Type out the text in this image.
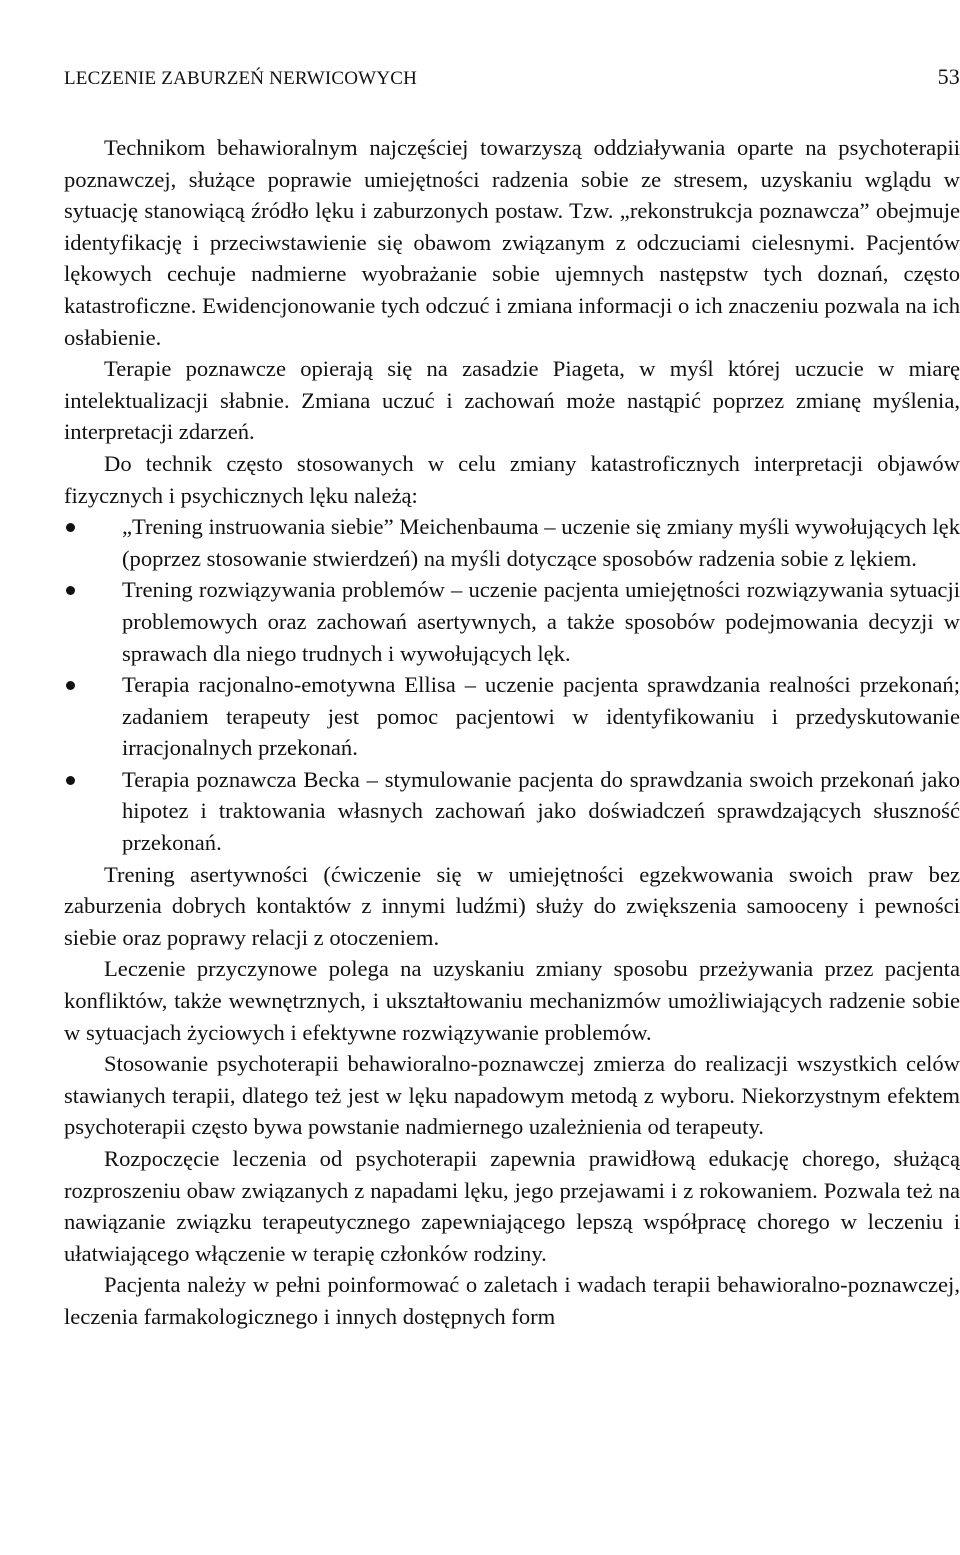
LECZENIE ZABURZEŃ NERWICOWYCH	53

Technikom behawioralnym najczęściej towarzyszą oddziaływania oparte na psychoterapii poznawczej, służące poprawie umiejętności radzenia sobie ze stresem, uzyskaniu wglądu w sytuację stanowiącą źródło lęku i zaburzonych postaw. Tzw. „rekonstrukcja poznawcza” obejmuje identyfikację i przeciwstawienie się obawom związanym z odczuciami cielesnymi. Pacjentów lękowych cechuje nadmierne wyobrażanie sobie ujemnych następstw tych doznań, często katastroficzne. Ewidencjonowanie tych odczuć i zmiana informacji o ich znaczeniu pozwala na ich osłabienie.

Terapie poznawcze opierają się na zasadzie Piageta, w myśl której uczucie w miarę intelektualizacji słabnie. Zmiana uczuć i zachowań może nastąpić poprzez zmianę myślenia, interpretacji zdarzeń.

Do technik często stosowanych w celu zmiany katastroficznych interpretacji objawów fizycznych i psychicznych lęku należą:

„Trening instruowania siebie” Meichenbauma – uczenie się zmiany myśli wywołujących lęk (poprzez stosowanie stwierdzeń) na myśli dotyczące sposobów radzenia sobie z lękiem.
Trening rozwiązywania problemów – uczenie pacjenta umiejętności rozwiązywania sytuacji problemowych oraz zachowań asertywnych, a także sposobów podejmowania decyzji w sprawach dla niego trudnych i wywołujących lęk.
Terapia racjonalno-emotywna Ellisa – uczenie pacjenta sprawdzania realności przekonań; zadaniem terapeuty jest pomoc pacjentowi w identyfikowaniu i przedyskutowanie irracjonalnych przekonań.
Terapia poznawcza Becka – stymulowanie pacjenta do sprawdzania swoich przekonań jako hipotez i traktowania własnych zachowań jako doświadczeń sprawdzających słuszność przekonań.

Trening asertywności (ćwiczenie się w umiejętności egzekwowania swoich praw bez zaburzenia dobrych kontaktów z innymi ludźmi) służy do zwiększenia samooceny i pewności siebie oraz poprawy relacji z otoczeniem.

Leczenie przyczynowe polega na uzyskaniu zmiany sposobu przeżywania przez pacjenta konfliktów, także wewnętrznych, i ukształtowaniu mechanizmów umożliwiających radzenie sobie w sytuacjach życiowych i efektywne rozwiązywanie problemów.

Stosowanie psychoterapii behawioralno-poznawczej zmierza do realizacji wszystkich celów stawianych terapii, dlatego też jest w lęku napadowym metodą z wyboru. Niekorzystnym efektem psychoterapii często bywa powstanie nadmiernego uzależnienia od terapeuty.

Rozpoczęcie leczenia od psychoterapii zapewnia prawidłową edukację chorego, służącą rozproszeniu obaw związanych z napadami lęku, jego przejawami i z rokowaniem. Pozwala też na nawiązanie związku terapeutycznego zapewniającego lepszą współpracę chorego w leczeniu i ułatwiającego włączenie w terapię członków rodziny.

Pacjenta należy w pełni poinformować o zaletach i wadach terapii behawioralno-poznawczej, leczenia farmakologicznego i innych dostępnych form
